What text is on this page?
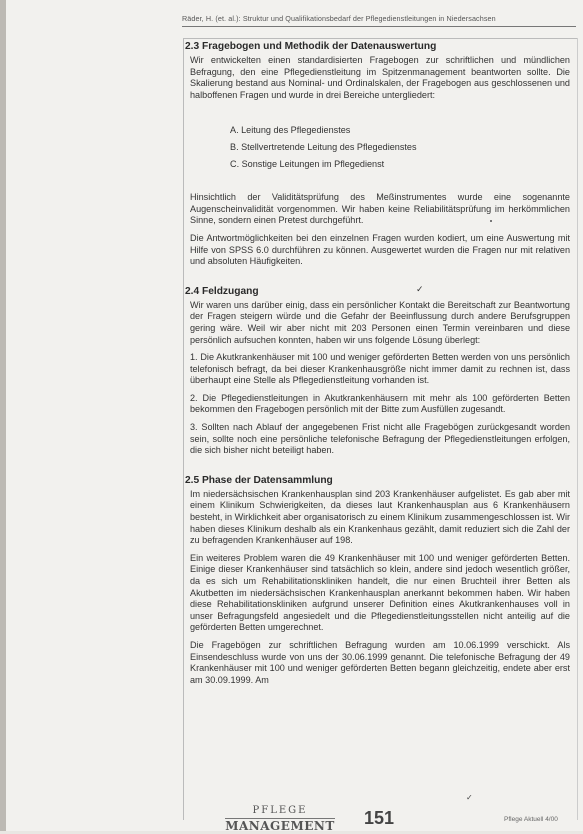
Räder, H. (et. al.): Struktur und Qualifikationsbedarf der Pflegedienstleitungen in Niedersachsen
2.3 Fragebogen und Methodik der Datenauswertung

Wir entwickelten einen standardisierten Fragebogen zur schriftlichen und mündlichen Befragung, den eine Pflegedienstleitung im Spitzenmanagement beantworten sollte. Die Skalierung bestand aus Nominal- und Ordinalskalen, der Fragebogen aus geschlossenen und halboffenen Fragen und wurde in drei Bereiche untergliedert:

A. Leitung des Pflegedienstes
B. Stellvertretende Leitung des Pflegedienstes
C. Sonstige Leitungen im Pflegedienst

Hinsichtlich der Validitätsprüfung des Meßinstrumentes wurde eine sogenannte Augenscheinvalidität vorgenommen. Wir haben keine Reliabilitätsprüfung im herkömmlichen Sinne, sondern einen Pretest durchgeführt.

Die Antwortmöglichkeiten bei den einzelnen Fragen wurden kodiert, um eine Auswertung mit Hilfe von SPSS 6.0 durchführen zu können. Ausgewertet wurden die Fragen nur mit relativen und absoluten Häufigkeiten.

2.4 Feldzugang

Wir waren uns darüber einig, dass ein persönlicher Kontakt die Bereitschaft zur Beantwortung der Fragen steigern würde und die Gefahr der Beeinflussung durch andere Berufsgruppen gering wäre. Weil wir aber nicht mit 203 Personen einen Termin vereinbaren und diese persönlich aufsuchen konnten, haben wir uns folgende Lösung überlegt:

1. Die Akutkrankenhäuser mit 100 und weniger geförderten Betten werden von uns persönlich telefonisch befragt, da bei dieser Krankenhausgröße nicht immer damit zu rechnen ist, dass überhaupt eine Stelle als Pflegedienstleitung vorhanden ist.

2. Die Pflegedienstleitungen in Akutkrankenhäusern mit mehr als 100 geförderten Betten bekommen den Fragebogen persönlich mit der Bitte zum Ausfüllen zugesandt.

3. Sollten nach Ablauf der angegebenen Frist nicht alle Fragebögen zurückgesandt worden sein, sollte noch eine persönliche telefonische Befragung der Pflegedienstleitungen erfolgen, die sich bisher nicht beteiligt haben.

2.5 Phase der Datensammlung

Im niedersächsischen Krankenhausplan sind 203 Krankenhäuser aufgelistet. Es gab aber mit einem Klinikum Schwierigkeiten, da dieses laut Krankenhausplan aus 6 Krankenhäusern besteht, in Wirklichkeit aber organisatorisch zu einem Klinikum zusammengeschlossen ist. Wir haben dieses Klinikum deshalb als ein Krankenhaus gezählt, damit reduziert sich die Zahl der zu befragenden Krankenhäuser auf 198.

Ein weiteres Problem waren die 49 Krankenhäuser mit 100 und weniger geförderten Betten. Einige dieser Krankenhäuser sind tatsächlich so klein, andere sind jedoch wesentlich größer, da es sich um Rehabilitationskliniken handelt, die nur einen Bruchteil ihrer Betten als Akutbetten im niedersächsischen Krankenhausplan anerkannt bekommen haben. Wir haben diese Rehabilitationskliniken aufgrund unserer Definition eines Akutkrankenhauses voll in unser Befragungsfeld angesiedelt und die Pflegedienstleitungsstellen nicht anteilig auf die geförderten Betten umgerechnet.

Die Fragebögen zur schriftlichen Befragung wurden am 10.06.1999 verschickt. Als Einsendeschluss wurde von uns der 30.06.1999 genannt. Die telefonische Befragung der 49 Krankenhäuser mit 100 und weniger geförderten Betten begann gleichzeitig, endete aber erst am 30.09.1999. Am

✓
✓
PFLEGE
MANAGEMENT 151	Pflege Aktuell 4/00
